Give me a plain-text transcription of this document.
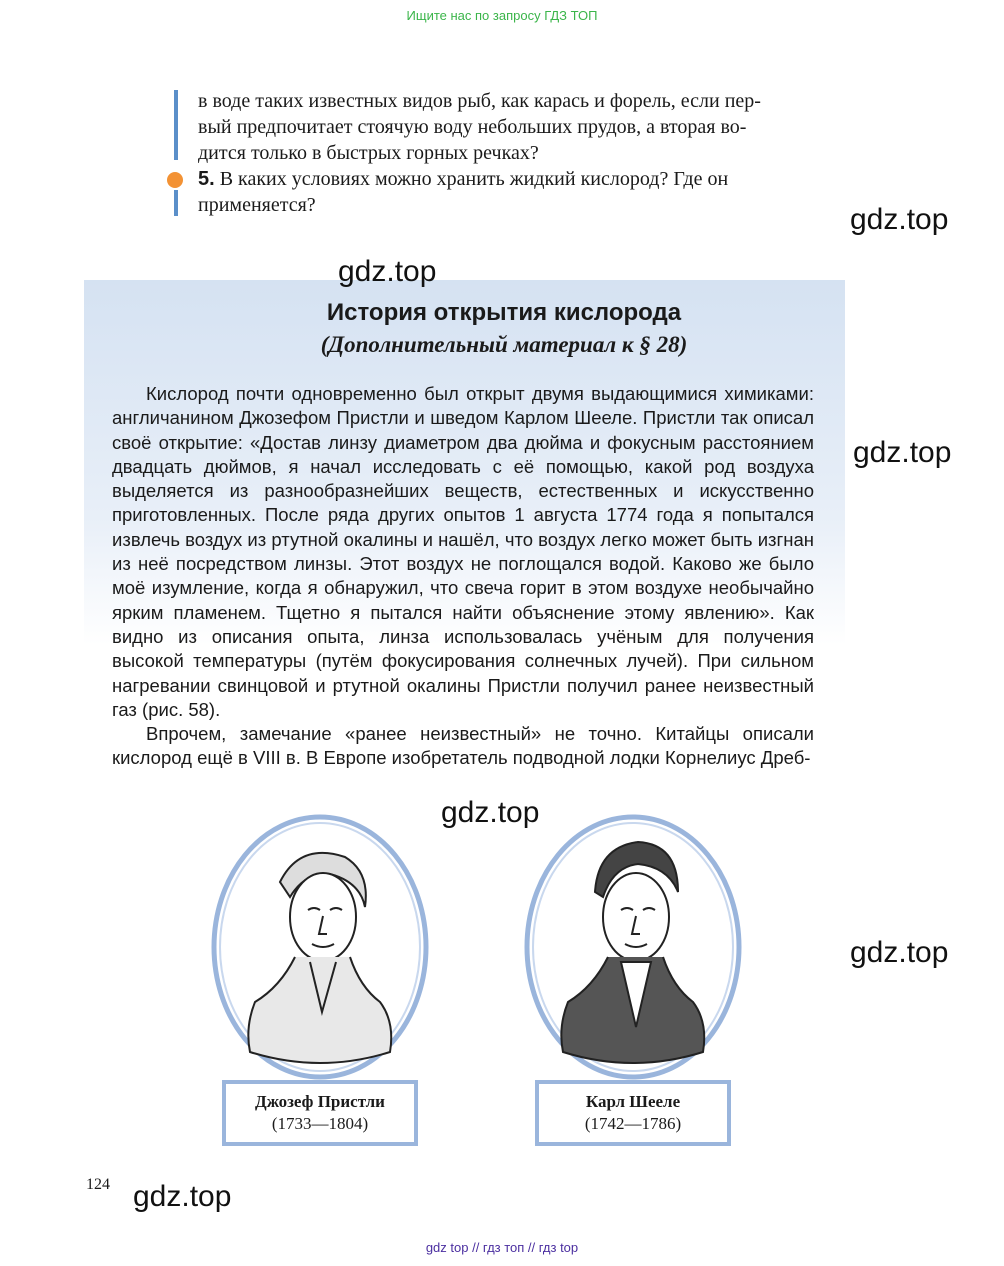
Ищите нас по запросу ГДЗ ТОП
в воде таких известных видов рыб, как карась и форель, если пер-
вый предпочитает стоячую воду небольших прудов, а вторая во-
дится только в быстрых горных речках?
5. В каких условиях можно хранить жидкий кислород? Где он
применяется?	gdz.top
gdz.top
История открытия кислорода
(Дополнительный материал к § 28)

Кислород почти одновременно был открыт двумя выдающимися химиками: англичанином Джозефом Пристли и шведом Карлом Шееле. Пристли так описал своё открытие: «Достав линзу диаметром два дюйма и фокусным расстоянием двадцать дюймов, я начал исследовать с её помощью, какой род воздуха выделяется из разнообразнейших веществ, естественных и искусственно приготовленных. После ряда других опытов 1 августа 1774 года я попытался извлечь воздух из ртутной окалины и нашёл, что воздух легко может быть изгнан из неё посредством линзы. Этот воздух не поглощался водой. Каково же было моё изумление, когда я обнаружил, что свеча горит в этом воздухе необычайно ярким пламенем. Тщетно я пытался найти объяснение этому явлению». Как видно из описания опыта, линза использовалась учёным для получения высокой температуры (путём фокусирования солнечных лучей). При сильном нагревании свинцовой и ртутной окалины Пристли получил ранее неизвестный газ (рис. 58).

Впрочем, замечание «ранее неизвестный» не точно. Китайцы описали кислород ещё в VIII в. В Европе изобретатель подводной лодки Корнелиус Дреб-

gdz.top
gdz.top
gdz.top
Джозеф Пристли
(1733—1804)
Карл Шееле
(1742—1786)
124 gdz.top
gdz top // гдз топ // гдз top
